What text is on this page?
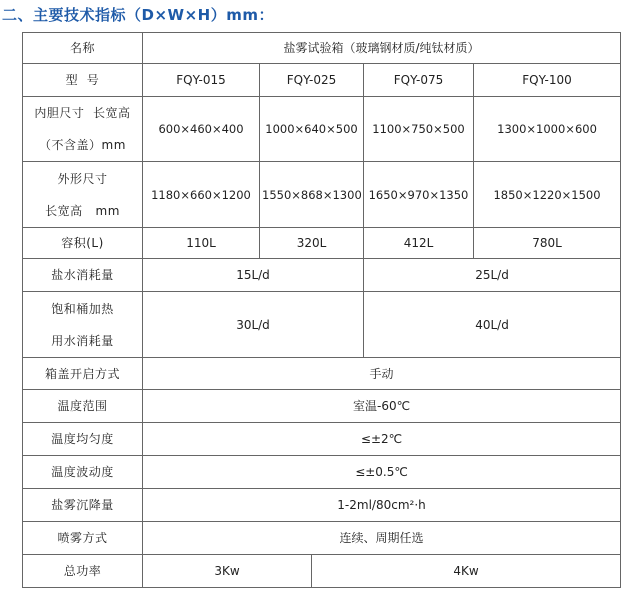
二、主要技术指标（D×W×H）mm：
名称	盐雾试验箱（玻璃钢材质/纯钛材质）				
型  号	FQY-015	FQY-025		FQY-075	FQY-100

内胆尺寸  长宽高
（不含盖）mm	600×460×400	1000×640×500		1100×750×500	1300×1000×600

外形尺寸
长宽高   mm	1180×660×1200	1550×868×1300		1650×970×1350	1850×1220×1500
容积(L)	110L	320L		412L	780L
盐水消耗量	15L/d			25L/d	

饱和桶加热
用水消耗量	30L/d			40L/d	
箱盖开启方式	手动				
温度范围	室温-60℃				
温度均匀度	≤±2℃				
温度波动度	≤±0.5℃				
盐雾沉降量	1-2ml/80cm²·h				
喷雾方式	连续、周期任选				
总功率	3Kw		4Kw		
